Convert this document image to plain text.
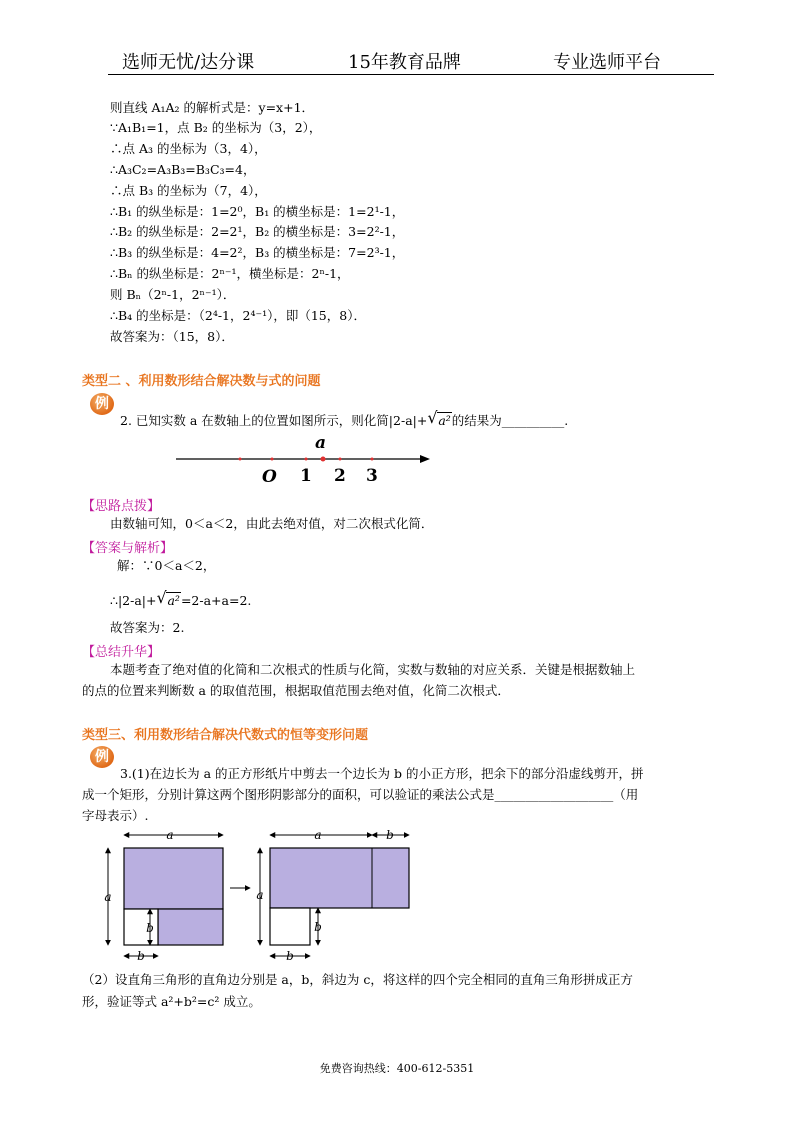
选师无忧/达分课	15年教育品牌	专业选师平台
则直线 A₁A₂ 的解析式是：y=x+1．
∵A₁B₁=1，点 B₂ 的坐标为（3，2），
∴点 A₃ 的坐标为（3，4），
∴A₃C₂=A₃B₃=B₃C₃=4，
∴点 B₃ 的坐标为（7，4），
∴B₁ 的纵坐标是：1=2⁰，B₁ 的横坐标是：1=2¹-1，
∴B₂ 的纵坐标是：2=2¹，B₂ 的横坐标是：3=2²-1，
∴B₃ 的纵坐标是：4=2²，B₃ 的横坐标是：7=2³-1，
∴Bₙ 的纵坐标是：2ⁿ⁻¹，横坐标是：2ⁿ-1，
则 Bₙ（2ⁿ-1，2ⁿ⁻¹）．
∴B₄ 的坐标是：（2⁴-1，2⁴⁻¹），即（15，8）．
故答案为：（15，8）．
类型二 、利用数形结合解决数与式的问题
例
2. 已知实数 a 在数轴上的位置如图所示，则化简|2-a|+ √ a²的结果为__________.
a
O 1 2 3
【思路点拨】
由数轴可知，0＜a＜2，由此去绝对值，对二次根式化简．
【答案与解析】
解：∵0＜a＜2，
∴|2-a|+ √ a²=2-a+a=2.
故答案为：2.
【总结升华】
本题考查了绝对值的化简和二次根式的性质与化简，实数与数轴的对应关系．关键是根据数轴上
的点的位置来判断数 a 的取值范围，根据取值范围去绝对值，化简二次根式．
类型三、利用数形结合解决代数式的恒等变形问题
例
3.(1)在边长为 a 的正方形纸片中剪去一个边长为 b 的小正方形，把余下的部分沿虚线剪开，拼
成一个矩形，分别计算这两个图形阴影部分的面积，可以验证的乘法公式是___________________（用
字母表示）.
a
a
b
b
a	b
a
b
b
（2）设直角三角形的直角边分别是 a，b，斜边为 c，将这样的四个完全相同的直角三角形拼成正方
形，验证等式 a²+b²=c² 成立。
免费咨询热线：400-612-5351
